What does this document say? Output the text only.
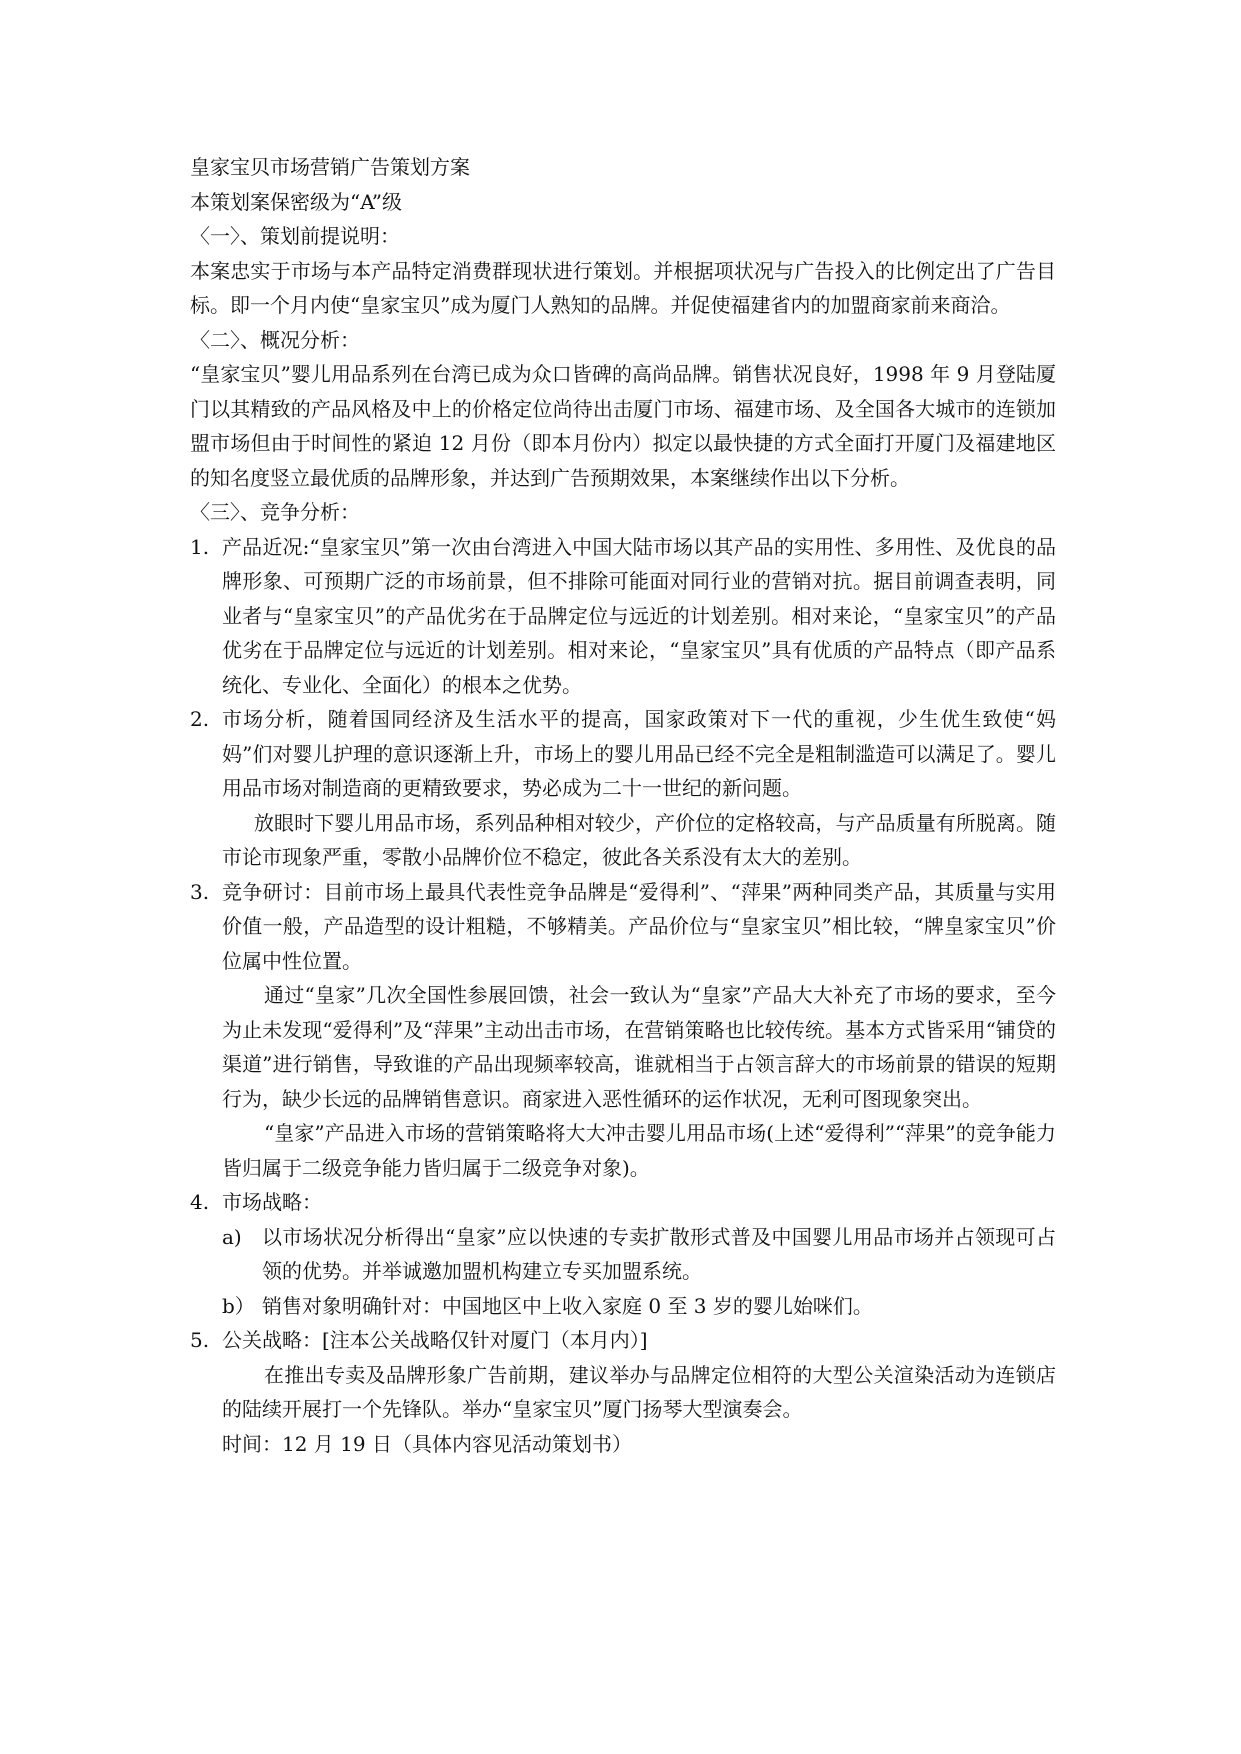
皇家宝贝市场营销广告策划方案

本策划案保密级为“A”级

〈一〉、策划前提说明：

本案忠实于市场与本产品特定消费群现状进行策划。并根据项状况与广告投入的比例定出了广告目标。即一个月内使“皇家宝贝”成为厦门人熟知的品牌。并促使福建省内的加盟商家前来商洽。

〈二〉、概况分析：

“皇家宝贝”婴儿用品系列在台湾已成为众口皆碑的高尚品牌。销售状况良好，1998 年 9 月登陆厦门以其精致的产品风格及中上的价格定位尚待出击厦门市场、福建市场、及全国各大城市的连锁加盟市场但由于时间性的紧迫 12 月份（即本月份内）拟定以最快捷的方式全面打开厦门及福建地区的知名度竖立最优质的品牌形象，并达到广告预期效果，本案继续作出以下分析。

〈三〉、竞争分析：

1. 产品近况:“皇家宝贝”第一次由台湾进入中国大陆市场以其产品的实用性、多用性、及优良的品牌形象、可预期广泛的市场前景，但不排除可能面对同行业的营销对抗。据目前调查表明，同业者与“皇家宝贝”的产品优劣在于品牌定位与远近的计划差别。相对来论，“皇家宝贝”的产品优劣在于品牌定位与远近的计划差别。相对来论，“皇家宝贝”具有优质的产品特点（即产品系统化、专业化、全面化）的根本之优势。
2. 市场分析，随着国同经济及生活水平的提高，国家政策对下一代的重视，少生优生致使“妈妈”们对婴儿护理的意识逐渐上升，市场上的婴儿用品已经不完全是粗制滥造可以满足了。婴儿用品市场对制造商的更精致要求，势必成为二十一世纪的新问题。

放眼时下婴儿用品市场，系列品种相对较少，产价位的定格较高，与产品质量有所脱离。随市论市现象严重，零散小品牌价位不稳定，彼此各关系没有太大的差别。

3. 竞争研讨：目前市场上最具代表性竞争品牌是“爱得利”、“萍果”两种同类产品，其质量与实用价值一般，产品造型的设计粗糙，不够精美。产品价位与“皇家宝贝”相比较，“牌皇家宝贝”价位属中性位置。

通过“皇家”几次全国性参展回馈，社会一致认为“皇家”产品大大补充了市场的要求，至今为止未发现“爱得利”及“萍果”主动出击市场，在营销策略也比较传统。基本方式皆采用“铺贷的渠道”进行销售，导致谁的产品出现频率较高，谁就相当于占领言辞大的市场前景的错误的短期行为，缺少长远的品牌销售意识。商家进入恶性循环的运作状况，无利可图现象突出。

“皇家”产品进入市场的营销策略将大大冲击婴儿用品市场(上述“爱得利”“萍果”的竞争能力皆归属于二级竞争能力皆归属于二级竞争对象)。

4. 市场战略：
a) 以市场状况分析得出“皇家”应以快速的专卖扩散形式普及中国婴儿用品市场并占领现可占领的优势。并举诚邀加盟机构建立专买加盟系统。
b） 销售对象明确针对：中国地区中上收入家庭 0 至 3 岁的婴儿始咪们。
5. 公关战略：[注本公关战略仅针对厦门（本月内）]

在推出专卖及品牌形象广告前期，建议举办与品牌定位相符的大型公关渲染活动为连锁店的陆续开展打一个先锋队。举办“皇家宝贝”厦门扬琴大型演奏会。

时间：12 月 19 日（具体内容见活动策划书）
